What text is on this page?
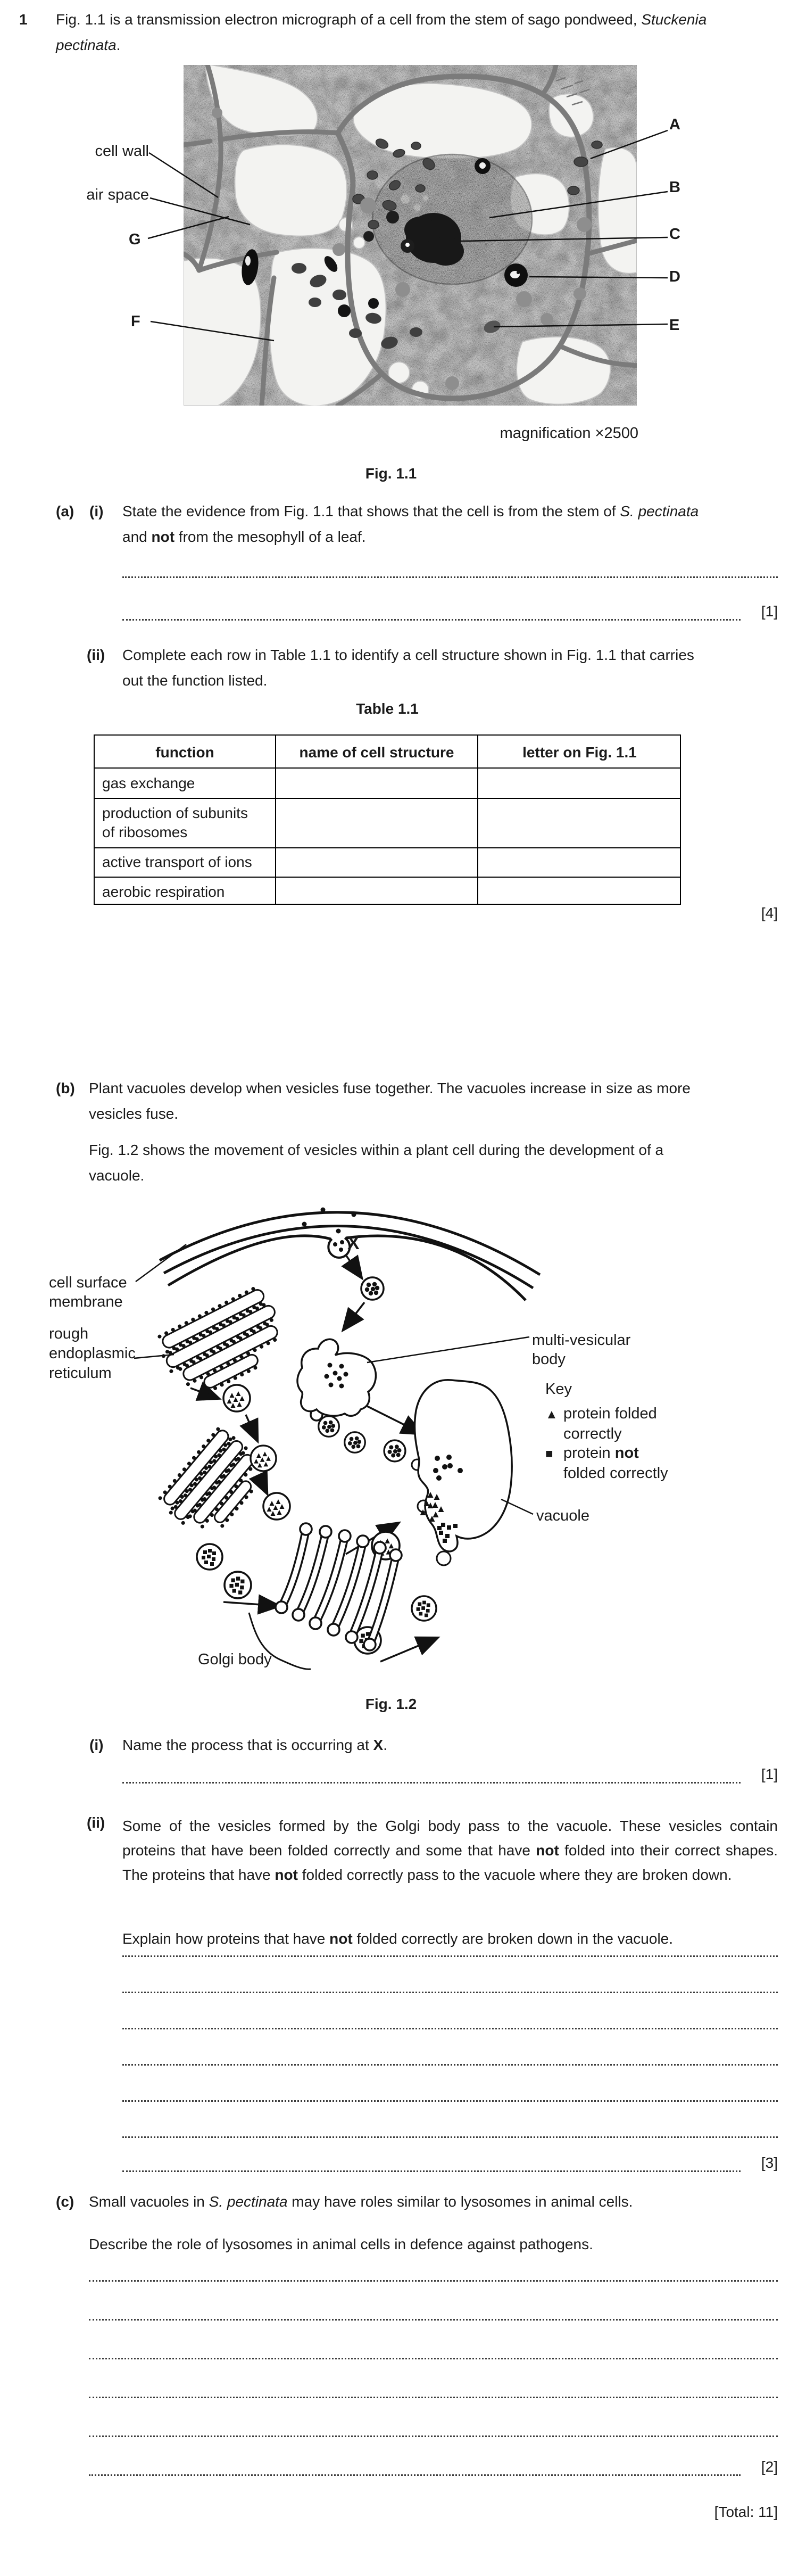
1 Fig. 1.1 is a transmission electron micrograph of a cell from the stem of sago pondweed, Stuckenia
pectinata.
cell wall
air space
G
F
A
B
C
D
E
magnification ×2500
Fig. 1.1
(a) (i) State the evidence from Fig. 1.1 that shows that the cell is from the stem of S. pectinata
and not from the mesophyll of a leaf.
[1]
(ii) Complete each row in Table 1.1 to identify a cell structure shown in Fig. 1.1 that carries
out the function listed.
Table 1.1
function	name of cell structure	letter on Fig. 1.1
gas exchange
production of subunits
of ribosomes
active transport of ions
aerobic respiration
[4]
(b) Plant vacuoles develop when vesicles fuse together. The vacuoles increase in size as more
vesicles fuse.
Fig. 1.2 shows the movement of vesicles within a plant cell during the development of a
vacuole.
cell surface
membrane
rough
endoplasmic
reticulum
multi-vesicular
body
X
vacuole
Golgi body
Key
▲ protein folded
correctly
■ protein not
folded correctly
Fig. 1.2
(i) Name the process that is occurring at X.
[1]
(ii) Some of the vesicles formed by the Golgi body pass to the vacuole. These vesicles contain proteins that have been folded correctly and some that have not folded into their correct shapes. The proteins that have not folded correctly pass to the vacuole where they are broken down.
Explain how proteins that have not folded correctly are broken down in the vacuole.
[3]
(c) Small vacuoles in S. pectinata may have roles similar to lysosomes in animal cells.
Describe the role of lysosomes in animal cells in defence against pathogens.
[2]
[Total: 11]
